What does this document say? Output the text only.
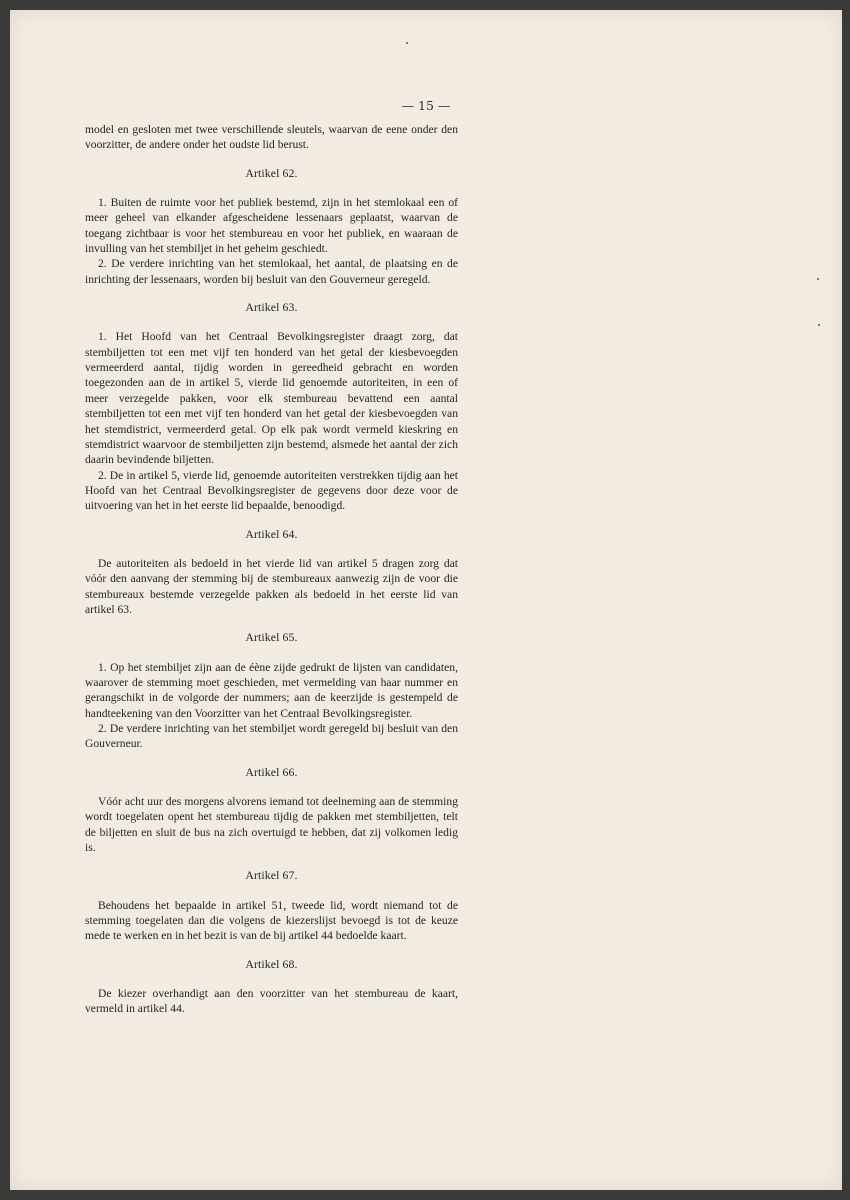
— 15 —

model en gesloten met twee verschillende sleutels, waarvan de eene onder den voorzitter, de andere onder het oudste lid berust.

Artikel 62.

1. Buiten de ruimte voor het publiek bestemd, zijn in het stemlokaal een of meer geheel van elkander afgescheidene lessenaars geplaatst, waarvan de toegang zichtbaar is voor het stembureau en voor het publiek, en waaraan de invulling van het stembiljet in het geheim geschiedt.

2. De verdere inrichting van het stemlokaal, het aantal, de plaatsing en de inrichting der lessenaars, worden bij besluit van den Gouverneur geregeld.

Artikel 63.

1. Het Hoofd van het Centraal Bevolkingsregister draagt zorg, dat stembiljetten tot een met vijf ten honderd van het getal der kiesbevoegden vermeerderd aantal, tijdig worden in gereedheid gebracht en worden toegezonden aan de in artikel 5, vierde lid genoemde autoriteiten, in een of meer verzegelde pakken, voor elk stembureau bevattend een aantal stembiljetten tot een met vijf ten honderd van het getal der kiesbevoegden van het stemdistrict, vermeerderd getal. Op elk pak wordt vermeld kieskring en stemdistrict waarvoor de stembiljetten zijn bestemd, alsmede het aantal der zich daarin bevindende biljetten.

2. De in artikel 5, vierde lid, genoemde autoriteiten verstrekken tijdig aan het Hoofd van het Centraal Bevolkingsregister de gegevens door deze voor de uitvoering van het in het eerste lid bepaalde, benoodigd.

Artikel 64.

De autoriteiten als bedoeld in het vierde lid van artikel 5 dragen zorg dat vóór den aanvang der stemming bij de stembureaux aanwezig zijn de voor die stembureaux bestemde verzegelde pakken als bedoeld in het eerste lid van artikel 63.

Artikel 65.

1. Op het stembiljet zijn aan de éène zijde gedrukt de lijsten van candidaten, waarover de stemming moet geschieden, met vermelding van haar nummer en gerangschikt in de volgorde der nummers; aan de keerzijde is gestempeld de handteekening van den Voorzitter van het Centraal Bevolkingsregister.

2. De verdere inrichting van het stembiljet wordt geregeld bij besluit van den Gouverneur.

Artikel 66.

Vóór acht uur des morgens alvorens iemand tot deelneming aan de stemming wordt toegelaten opent het stembureau tijdig de pakken met stembiljetten, telt de biljetten en sluit de bus na zich overtuigd te hebben, dat zij volkomen ledig is.

Artikel 67.

Behoudens het bepaalde in artikel 51, tweede lid, wordt niemand tot de stemming toegelaten dan die volgens de kiezerslijst bevoegd is tot de keuze mede te werken en in het bezit is van de bij artikel 44 bedoelde kaart.

Artikel 68.

De kiezer overhandigt aan den voorzitter van het stembureau de kaart, vermeld in artikel 44.
